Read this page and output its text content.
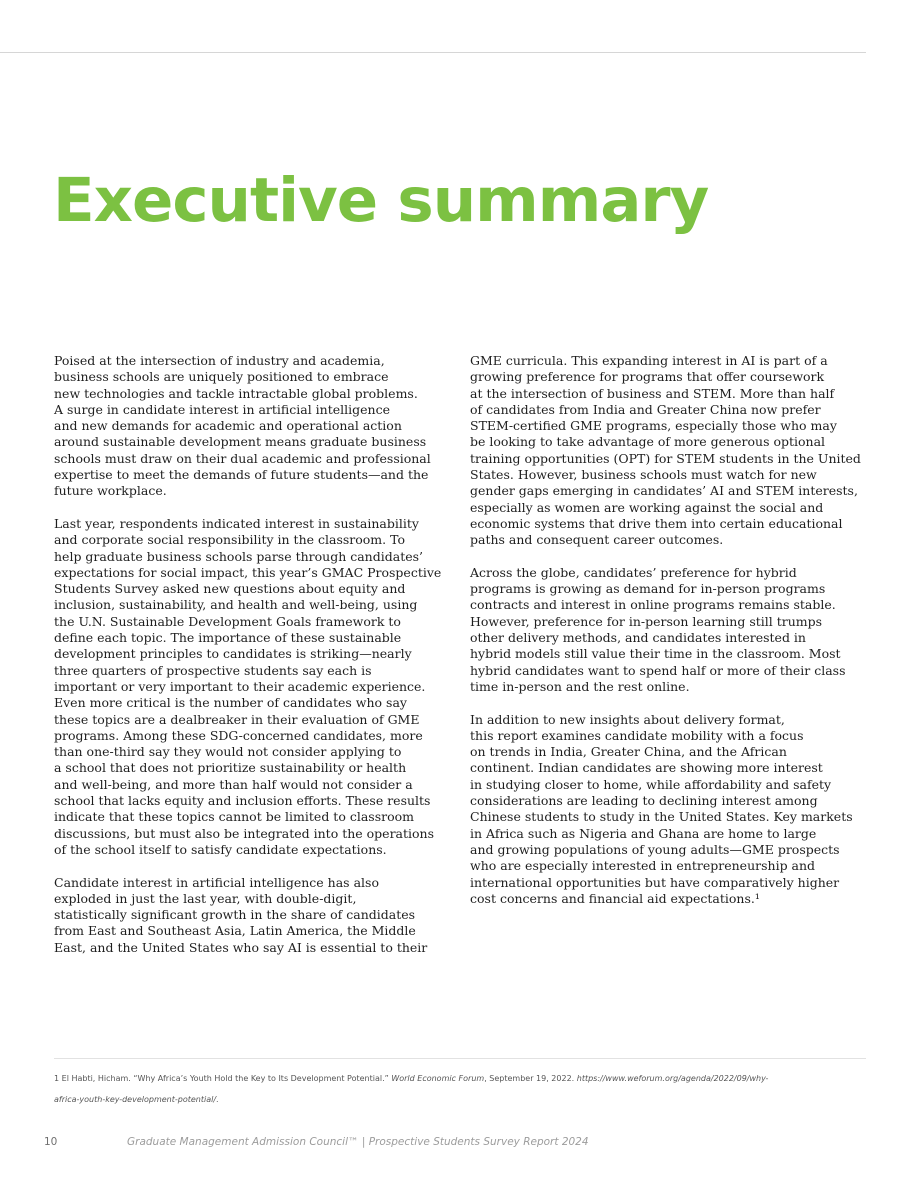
Executive summary

Poised at the intersection of industry and academia,
business schools are uniquely positioned to embrace
new technologies and tackle intractable global problems.
A surge in candidate interest in artificial intelligence
and new demands for academic and operational action
around sustainable development means graduate business
schools must draw on their dual academic and professional
expertise to meet the demands of future students—and the
future workplace.

Last year, respondents indicated interest in sustainability
and corporate social responsibility in the classroom. To
help graduate business schools parse through candidates’
expectations for social impact, this year’s GMAC Prospective
Students Survey asked new questions about equity and
inclusion, sustainability, and health and well-being, using
the U.N. Sustainable Development Goals framework to
define each topic. The importance of these sustainable
development principles to candidates is striking—nearly
three quarters of prospective students say each is
important or very important to their academic experience.
Even more critical is the number of candidates who say
these topics are a dealbreaker in their evaluation of GME
programs. Among these SDG-concerned candidates, more
than one-third say they would not consider applying to
a school that does not prioritize sustainability or health
and well-being, and more than half would not consider a
school that lacks equity and inclusion efforts. These results
indicate that these topics cannot be limited to classroom
discussions, but must also be integrated into the operations
of the school itself to satisfy candidate expectations.

Candidate interest in artificial intelligence has also
exploded in just the last year, with double-digit,
statistically significant growth in the share of candidates
from East and Southeast Asia, Latin America, the Middle
East, and the United States who say AI is essential to their

GME curricula. This expanding interest in AI is part of a
growing preference for programs that offer coursework
at the intersection of business and STEM. More than half
of candidates from India and Greater China now prefer
STEM-certified GME programs, especially those who may
be looking to take advantage of more generous optional
training opportunities (OPT) for STEM students in the United
States. However, business schools must watch for new
gender gaps emerging in candidates’ AI and STEM interests,
especially as women are working against the social and
economic systems that drive them into certain educational
paths and consequent career outcomes.

Across the globe, candidates’ preference for hybrid
programs is growing as demand for in-person programs
contracts and interest in online programs remains stable.
However, preference for in-person learning still trumps
other delivery methods, and candidates interested in
hybrid models still value their time in the classroom. Most
hybrid candidates want to spend half or more of their class
time in-person and the rest online.

In addition to new insights about delivery format,
this report examines candidate mobility with a focus
on trends in India, Greater China, and the African
continent. Indian candidates are showing more interest
in studying closer to home, while affordability and safety
considerations are leading to declining interest among
Chinese students to study in the United States. Key markets
in Africa such as Nigeria and Ghana are home to large
and growing populations of young adults—GME prospects
who are especially interested in entrepreneurship and
international opportunities but have comparatively higher
cost concerns and financial aid expectations.¹

1 El Habti, Hicham. “Why Africa’s Youth Hold the Key to Its Development Potential.” World Economic Forum, September 19, 2022. https://www.weforum.org/agenda/2022/09/why-
africa-youth-key-development-potential/.
10	Graduate Management Admission Council™ | Prospective Students Survey Report 2024
